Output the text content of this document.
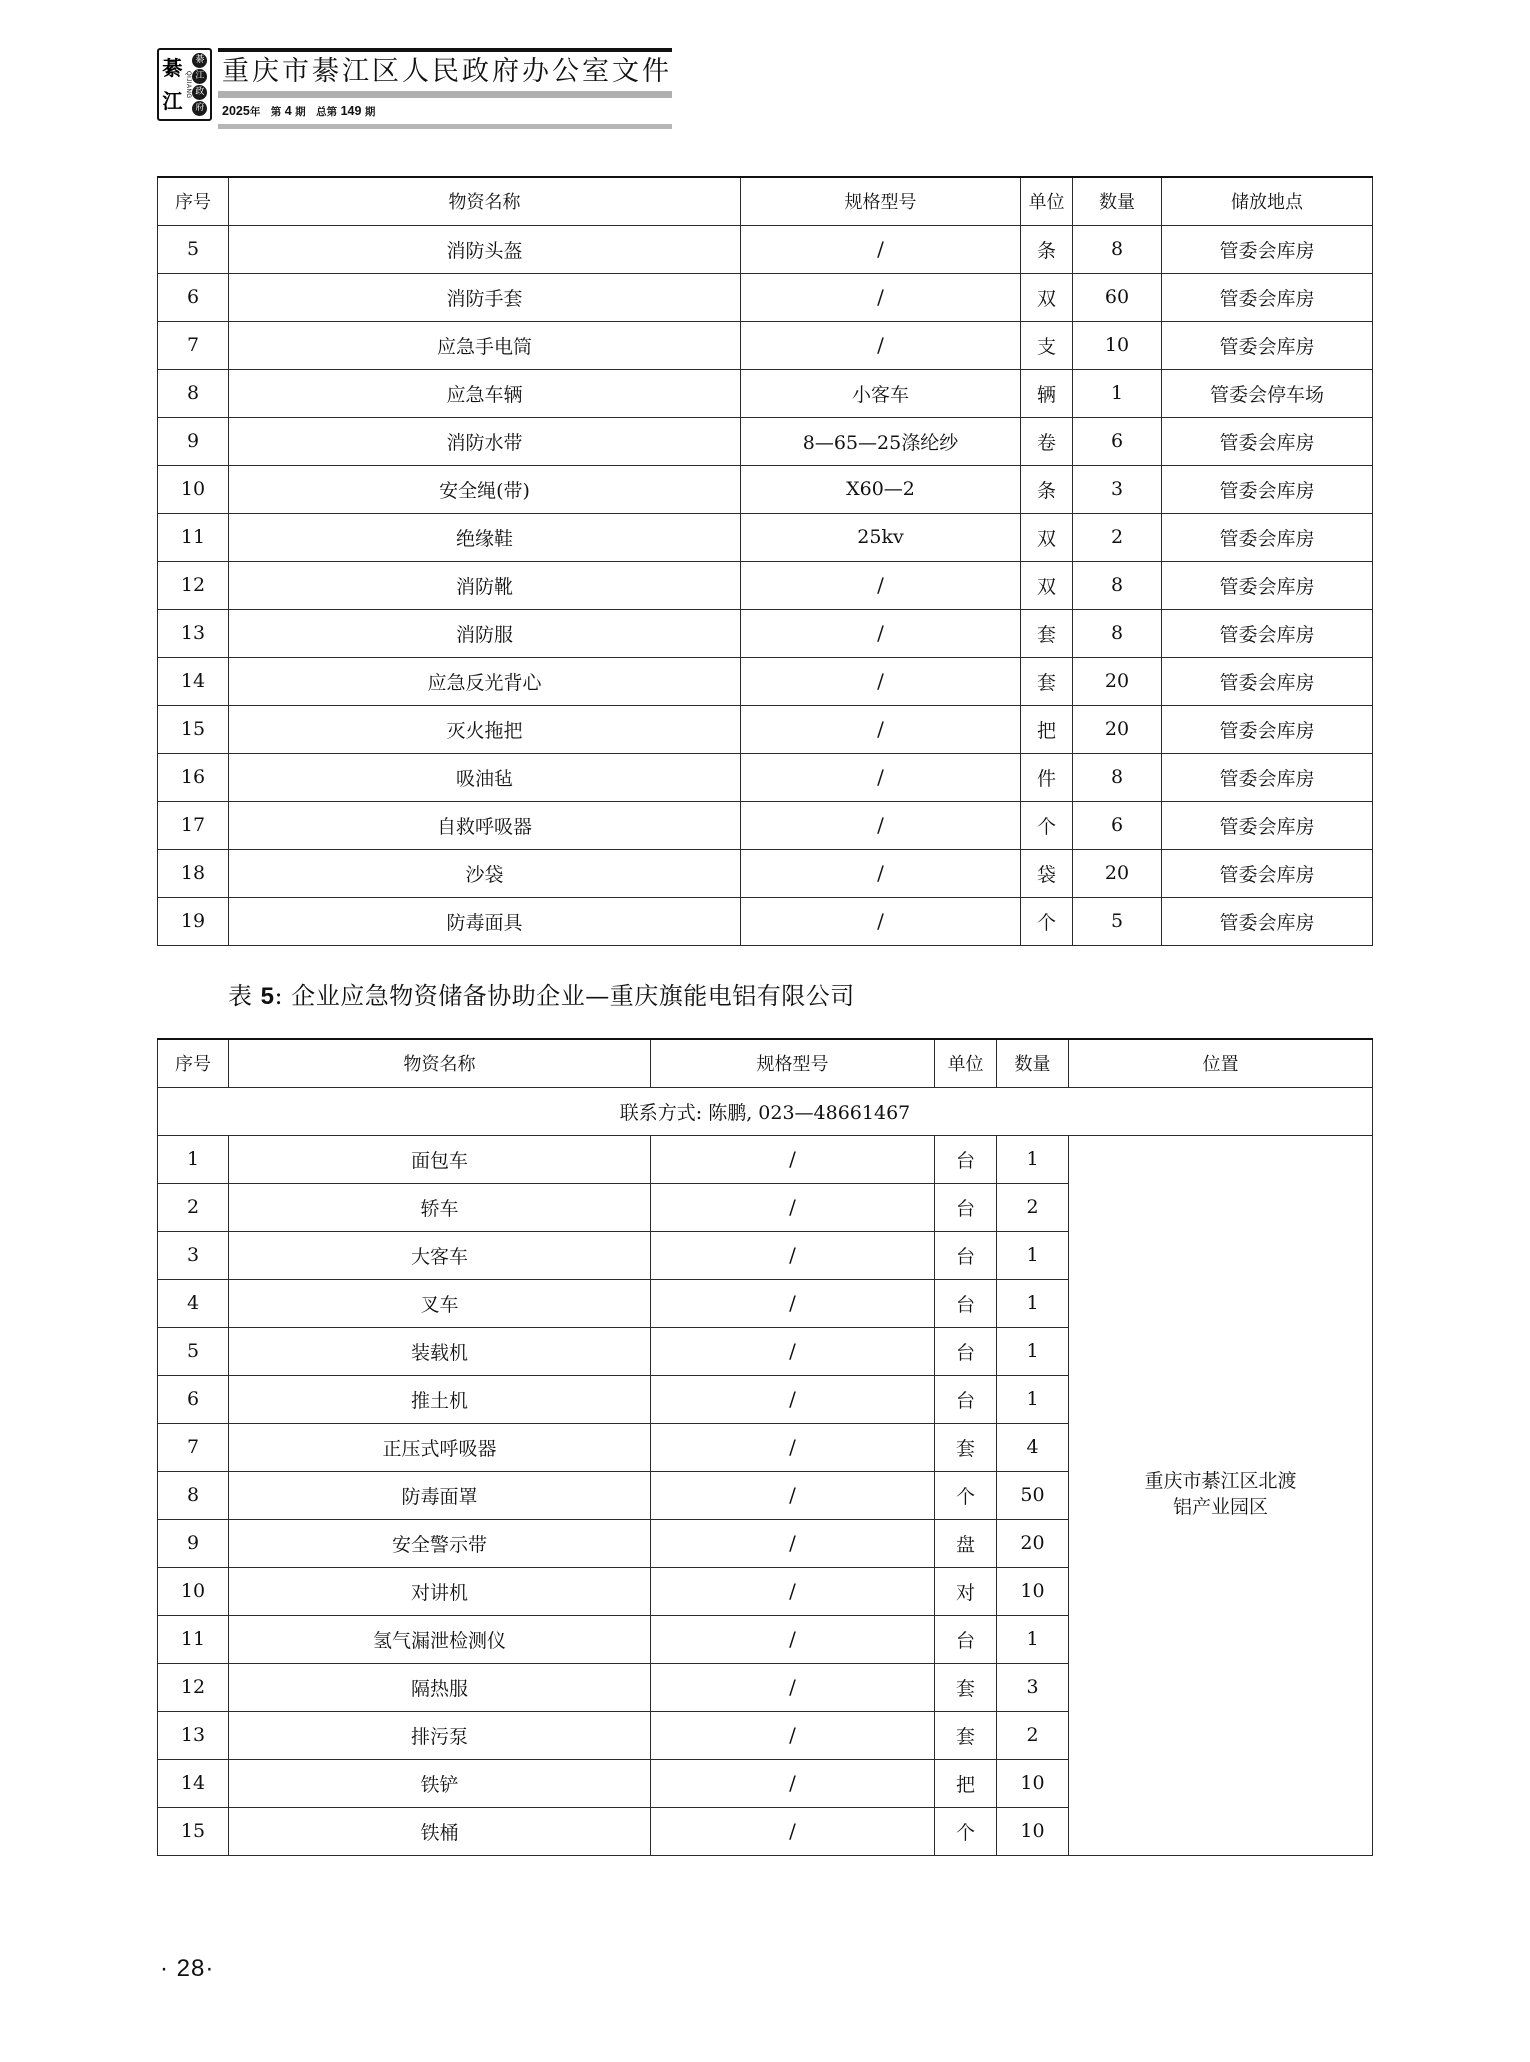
綦
江
QIJIANG
綦
江
政
府
重庆市綦江区人民政府办公室文件
2025年 第 4 期 总第 149 期
序号	物资名称	规格型号	单位	数量	储放地点
5	消防头盔	/	条	8	管委会库房
6	消防手套	/	双	60	管委会库房
7	应急手电筒	/	支	10	管委会库房
8	应急车辆	小客车	辆	1	管委会停车场
9	消防水带	8—65—25涤纶纱	卷	6	管委会库房
10	安全绳(带)	X60—2	条	3	管委会库房
11	绝缘鞋	25kv	双	2	管委会库房
12	消防靴	/	双	8	管委会库房
13	消防服	/	套	8	管委会库房
14	应急反光背心	/	套	20	管委会库房
15	灭火拖把	/	把	20	管委会库房
16	吸油毡	/	件	8	管委会库房
17	自救呼吸器	/	个	6	管委会库房
18	沙袋	/	袋	20	管委会库房
19	防毒面具	/	个	5	管委会库房
表 5: 企业应急物资储备协助企业—重庆旗能电铝有限公司
序号	物资名称	规格型号	单位	数量	位置
联系方式: 陈鹏, 023—48661467					
1	面包车	/	台	1	重庆市綦江区北渡
铝产业园区

2	轿车	/	台	2	
3	大客车	/	台	1	
4	叉车	/	台	1	
5	装载机	/	台	1	
6	推土机	/	台	1	
7	正压式呼吸器	/	套	4	
8	防毒面罩	/	个	50	
9	安全警示带	/	盘	20	
10	对讲机	/	对	10	
11	氢气漏泄检测仪	/	台	1	
12	隔热服	/	套	3	
13	排污泵	/	套	2	
14	铁铲	/	把	10	
15	铁桶	/	个	10	
· 28·
